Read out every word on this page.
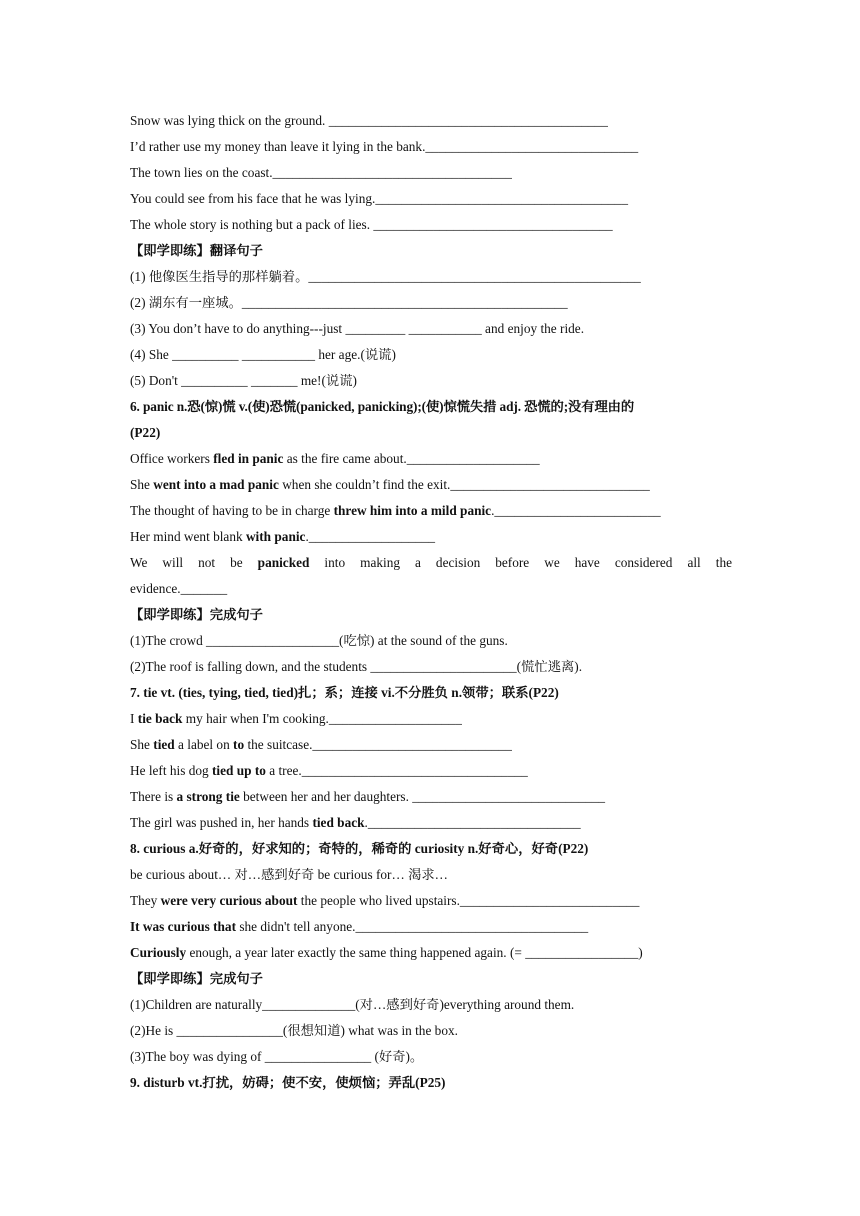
Snow was lying thick on the ground. __________________________________________
I’d rather use my money than leave it lying in the bank.________________________________
The town lies on the coast.____________________________________
You could see from his face that he was lying.______________________________________
The whole story is nothing but a pack of lies. ____________________________________
【即学即练】翻译句子
(1) 他像医生指导的那样躺着。__________________________________________________
(2) 湖东有一座城。_________________________________________________
(3) You don’t have to do anything---just _________ ___________ and enjoy the ride.
(4) She __________ ___________ her age.(说谎)
(5) Don't __________ _______ me!(说谎)
6. panic n.恐(惊)慌 v.(使)恐慌(panicked, panicking);(使)惊慌失措 adj. 恐慌的;没有理由的
(P22)
Office workers fled in panic as the fire came about.____________________
She went into a mad panic when she couldn’t find the exit.______________________________
The thought of having to be in charge threw him into a mild panic._________________________
Her mind went blank with panic.___________________
We will not be panicked into making a decision before we have considered all the
evidence._______
【即学即练】完成句子
(1)The crowd ____________________(吃惊) at the sound of the guns.
(2)The roof is falling down, and the students ______________________(慌忙逃离).
7. tie vt. (ties, tying, tied, tied)扎；系；连接 vi.不分胜负 n.领带；联系(P22)
I tie back my hair when I'm cooking.____________________
She tied a label on to the suitcase.______________________________
He left his dog tied up to a tree.__________________________________
There is a strong tie between her and her daughters. _____________________________
The girl was pushed in, her hands tied back.________________________________
8. curious a.好奇的，好求知的；奇特的，稀奇的 curiosity n.好奇心，好奇(P22)
be curious about… 对…感到好奇 be curious for… 渴求…
They were very curious about the people who lived upstairs.___________________________
It was curious that she didn't tell anyone.___________________________________
Curiously enough, a year later exactly the same thing happened again. (= _________________)
【即学即练】完成句子
(1)Children are naturally______________(对…感到好奇)everything around them.
(2)He is ________________(很想知道) what was in the box.
(3)The boy was dying of ________________ (好奇)。
9. disturb vt.打扰，妨碍；使不安，使烦恼；弄乱(P25)
